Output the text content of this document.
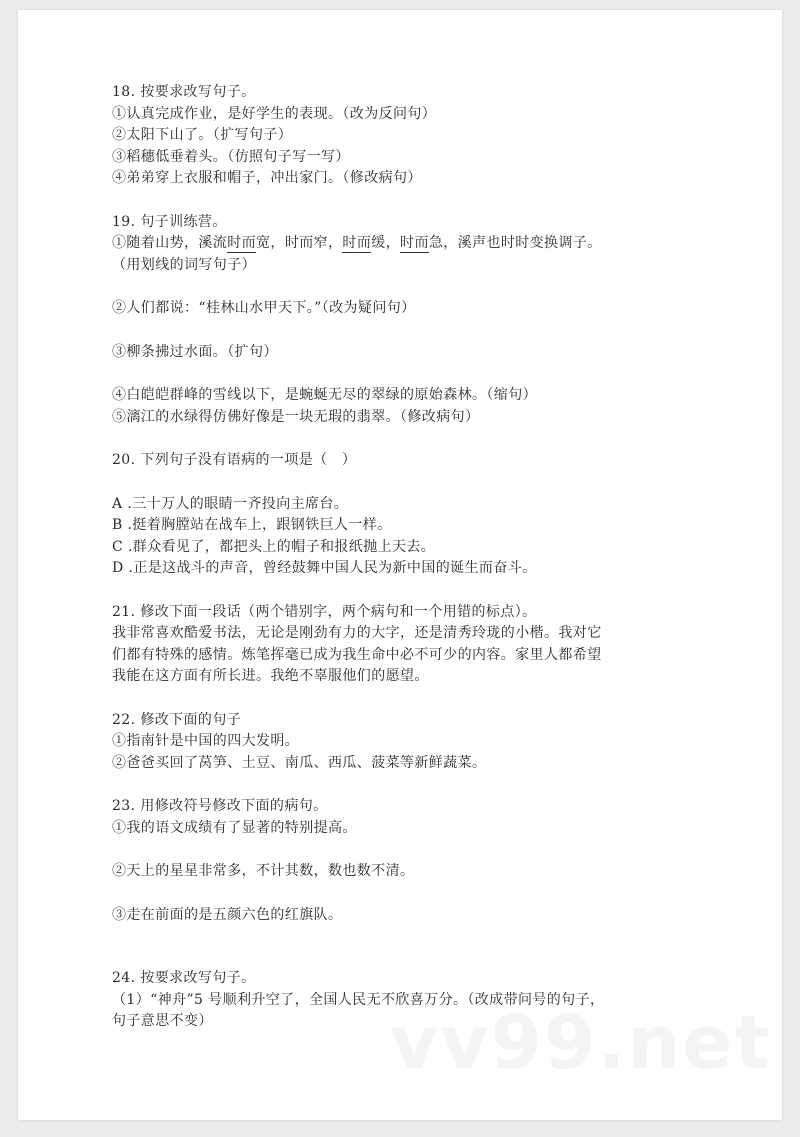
18. 按要求改写句子。
①认真完成作业，是好学生的表现。（改为反问句）
②太阳下山了。（扩写句子）
③稻穗低垂着头。（仿照句子写一写）
④弟弟穿上衣服和帽子，冲出家门。（修改病句）
19. 句子训练营。
①随着山势，溪流时而宽，时而窄，时而缓，时而急，溪声也时时变换调子。
（用划线的词写句子）
②人们都说：“桂林山水甲天下。”（改为疑问句）
③柳条拂过水面。（扩句）
④白皑皑群峰的雪线以下，是蜿蜒无尽的翠绿的原始森林。（缩句）
⑤漓江的水绿得仿佛好像是一块无瑕的翡翠。（修改病句）
20. 下列句子没有语病的一项是（　）
A .三十万人的眼睛一齐投向主席台。
B .挺着胸膛站在战车上，跟钢铁巨人一样。
C .群众看见了，都把头上的帽子和报纸抛上天去。
D .正是这战斗的声音，曾经鼓舞中国人民为新中国的诞生而奋斗。
21. 修改下面一段话（两个错别字，两个病句和一个用错的标点）。
我非常喜欢酷爱书法，无论是刚劲有力的大字，还是清秀玲珑的小楷。我对它
们都有特殊的感情。炼笔挥毫已成为我生命中必不可少的内容。家里人都希望
我能在这方面有所长进。我绝不辜服他们的愿望。
22. 修改下面的句子
①指南针是中国的四大发明。
②爸爸买回了莴笋、土豆、南瓜、西瓜、菠菜等新鲜蔬菜。
23. 用修改符号修改下面的病句。
①我的语文成绩有了显著的特别提高。
②天上的星星非常多，不计其数，数也数不清。
③走在前面的是五颜六色的红旗队。
24. 按要求改写句子。
（1）“神舟”5 号顺利升空了，全国人民无不欣喜万分。（改成带问号的句子，
句子意思不变）
